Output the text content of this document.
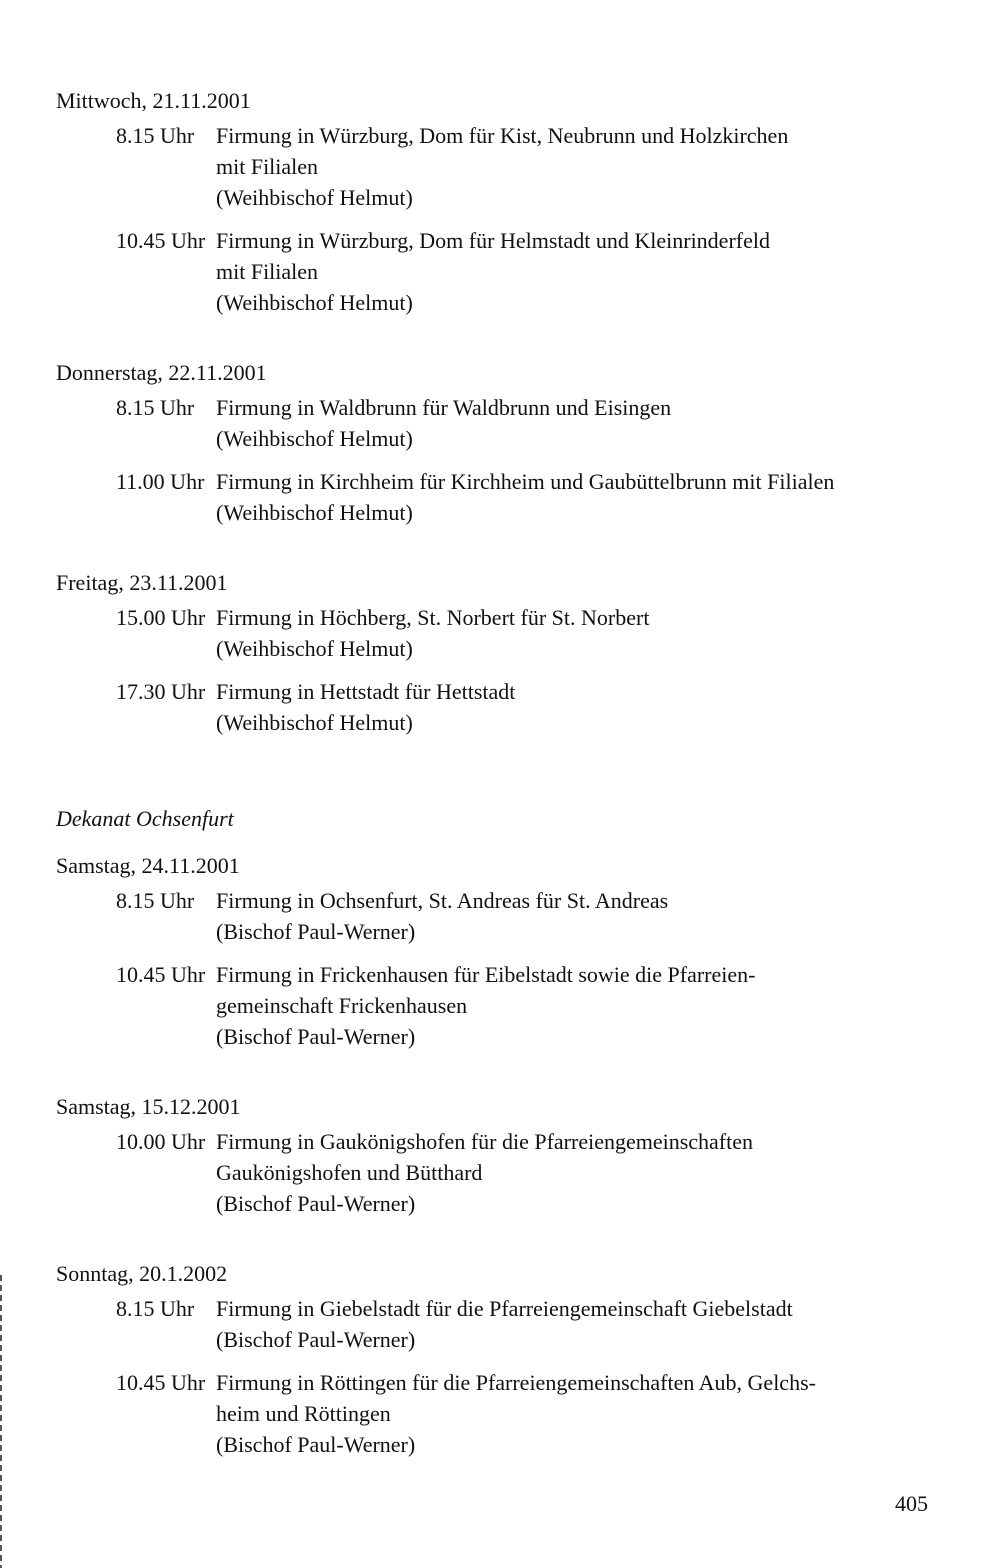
Mittwoch, 21.11.2001
8.15 Uhr Firmung in Würzburg, Dom für Kist, Neubrunn und Holzkirchen
mit Filialen
(Weihbischof Helmut)
10.45 Uhr Firmung in Würzburg, Dom für Helmstadt und Kleinrinderfeld
mit Filialen
(Weihbischof Helmut)
Donnerstag, 22.11.2001
8.15 Uhr Firmung in Waldbrunn für Waldbrunn und Eisingen
(Weihbischof Helmut)
11.00 Uhr Firmung in Kirchheim für Kirchheim und Gaubüttelbrunn mit Filialen
(Weihbischof Helmut)
Freitag, 23.11.2001
15.00 Uhr Firmung in Höchberg, St. Norbert für St. Norbert
(Weihbischof Helmut)
17.30 Uhr Firmung in Hettstadt für Hettstadt
(Weihbischof Helmut)
Dekanat Ochsenfurt
Samstag, 24.11.2001
8.15 Uhr Firmung in Ochsenfurt, St. Andreas für St. Andreas
(Bischof Paul-Werner)
10.45 Uhr Firmung in Frickenhausen für Eibelstadt sowie die Pfarreien-
gemeinschaft Frickenhausen
(Bischof Paul-Werner)
Samstag, 15.12.2001
10.00 Uhr Firmung in Gaukönigshofen für die Pfarreiengemeinschaften
Gaukönigshofen und Bütthard
(Bischof Paul-Werner)
Sonntag, 20.1.2002
8.15 Uhr Firmung in Giebelstadt für die Pfarreiengemeinschaft Giebelstadt
(Bischof Paul-Werner)
10.45 Uhr Firmung in Röttingen für die Pfarreiengemeinschaften Aub, Gelchs-
heim und Röttingen
(Bischof Paul-Werner)
405
